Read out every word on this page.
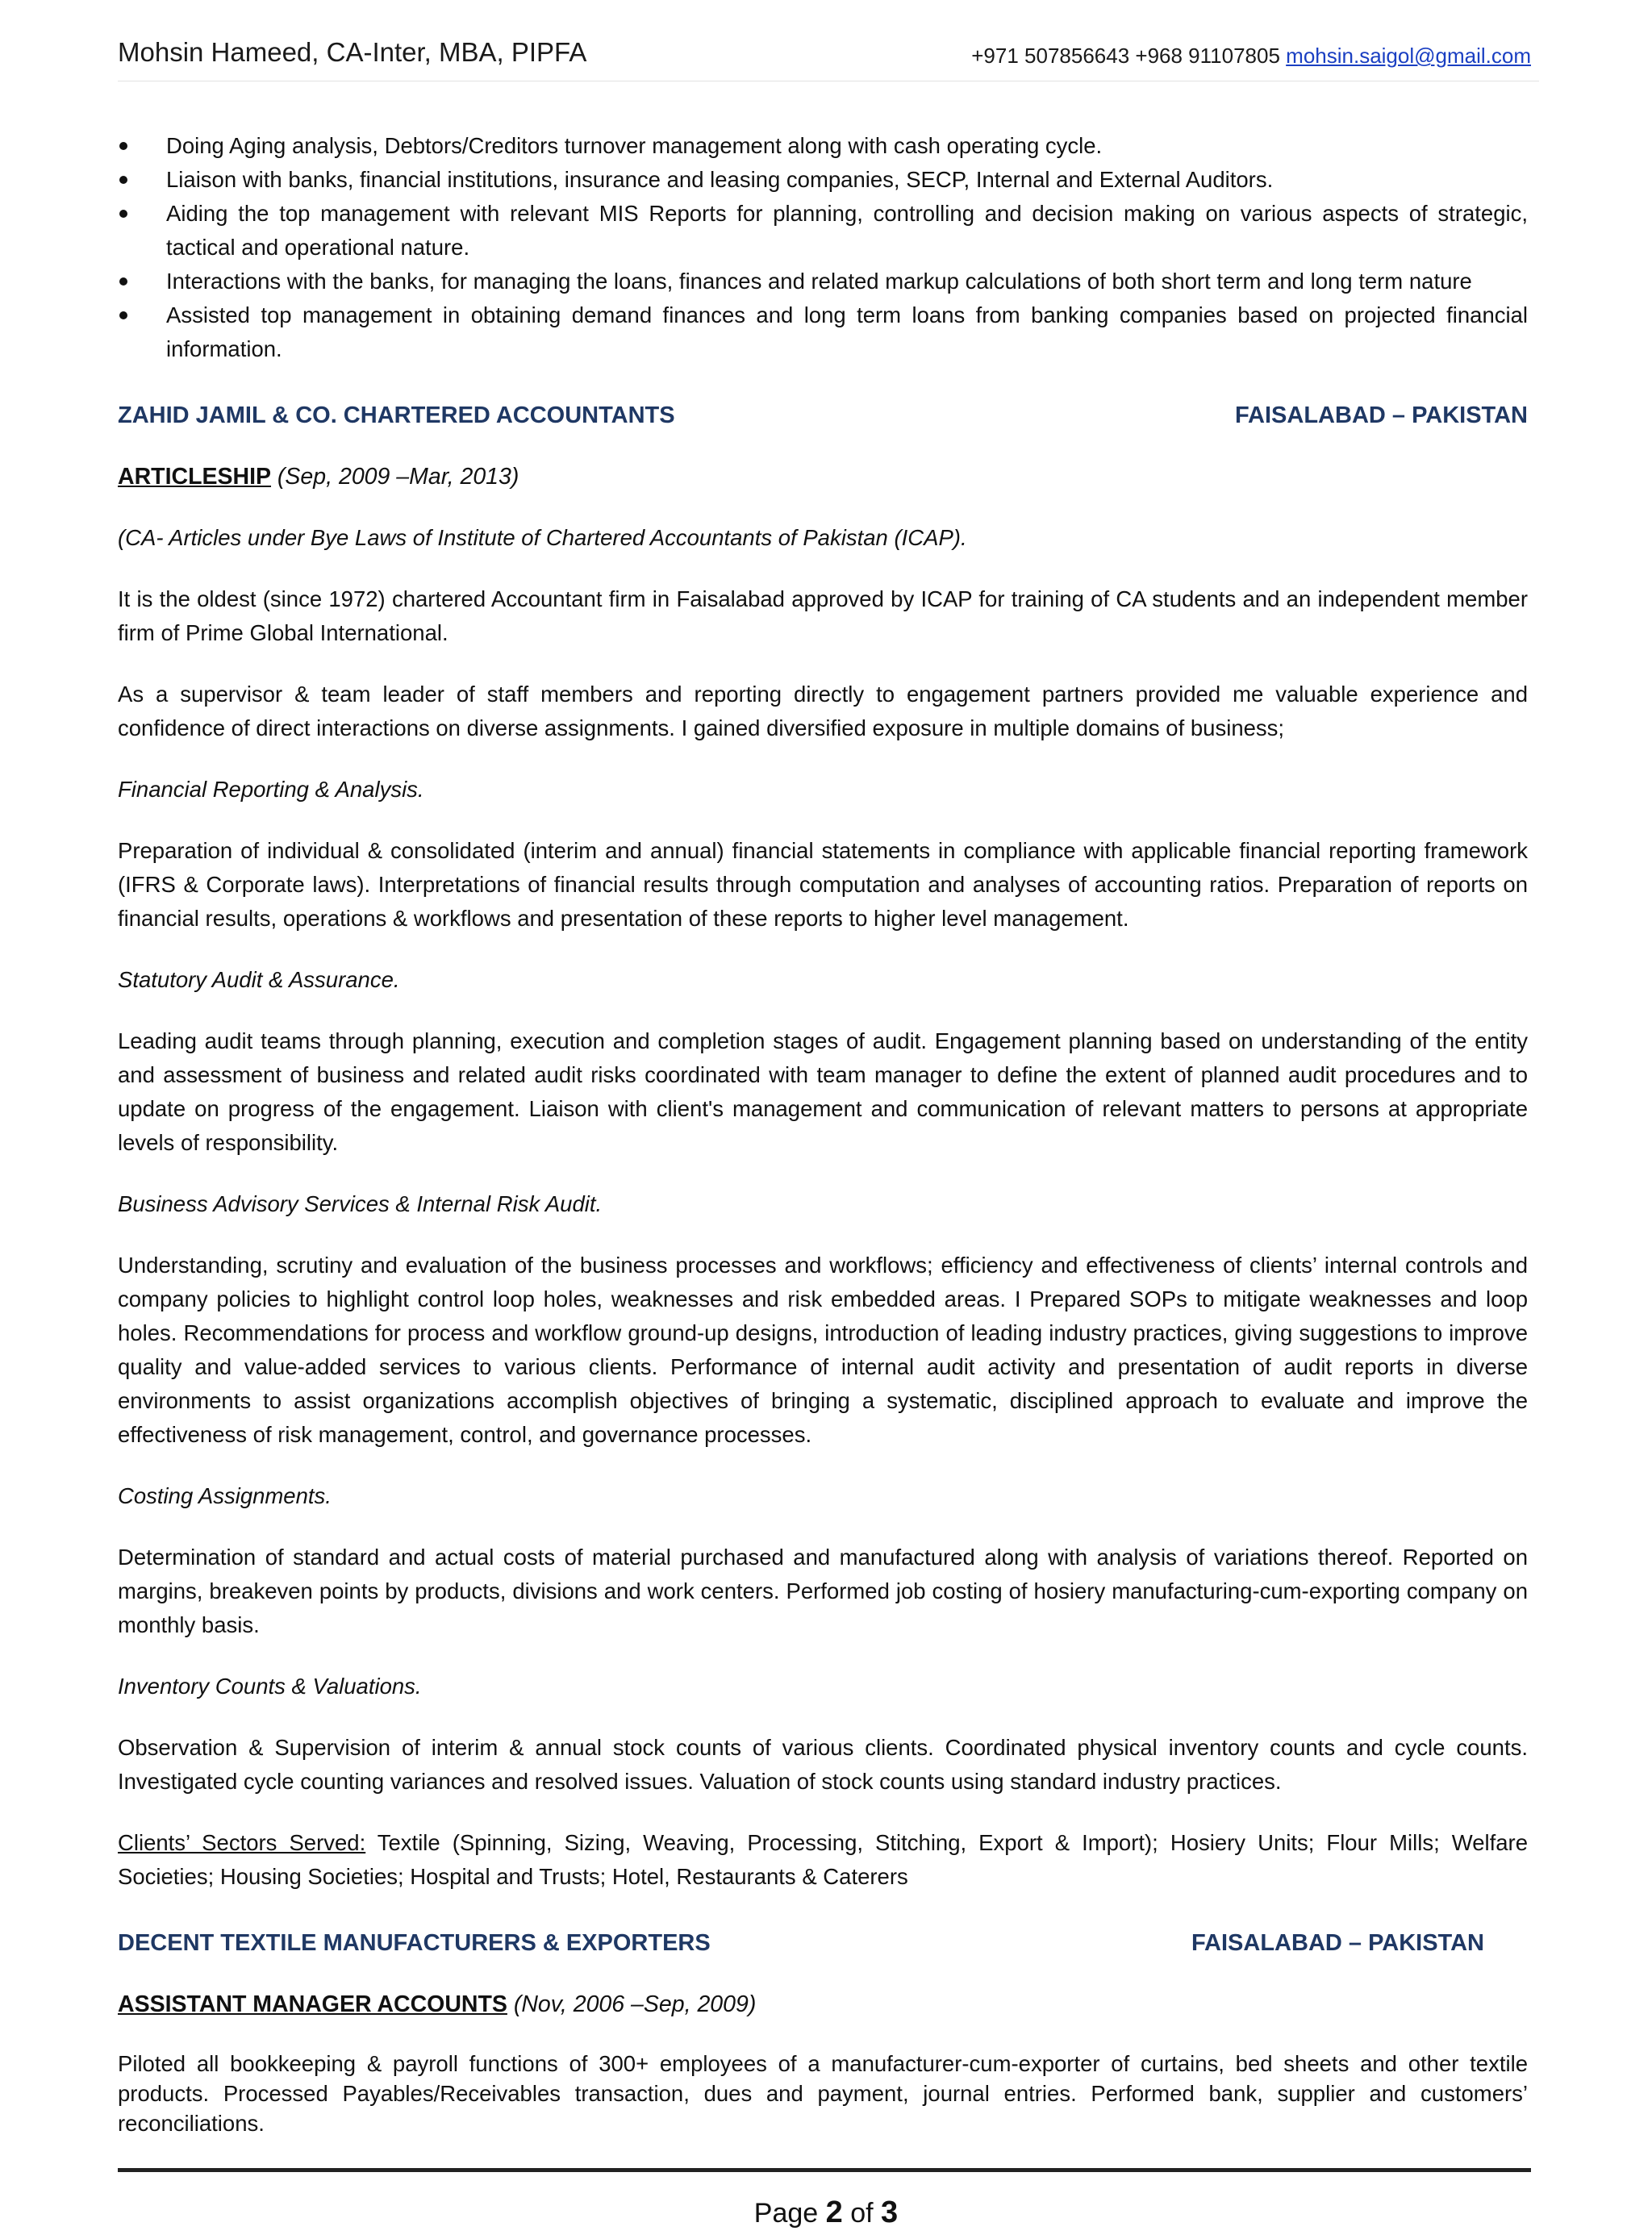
Mohsin Hameed, CA-Inter, MBA, PIPFA	+971 507856643 +968 91107805 mohsin.saigol@gmail.com
Doing Aging analysis, Debtors/Creditors turnover management along with cash operating cycle.
Liaison with banks, financial institutions, insurance and leasing companies, SECP, Internal and External Auditors.
Aiding the top management with relevant MIS Reports for planning, controlling and decision making on various aspects of strategic, tactical and operational nature.
Interactions with the banks, for managing the loans, finances and related markup calculations of both short term and long term nature
Assisted top management in obtaining demand finances and long term loans from banking companies based on projected financial information.
ZAHID JAMIL & CO. CHARTERED ACCOUNTANTS	FAISALABAD – PAKISTAN
ARTICLESHIP (Sep, 2009 –Mar, 2013)

(CA- Articles under Bye Laws of Institute of Chartered Accountants of Pakistan (ICAP).

It is the oldest (since 1972) chartered Accountant firm in Faisalabad approved by ICAP for training of CA students and an independent member firm of Prime Global International.

As a supervisor & team leader of staff members and reporting directly to engagement partners provided me valuable experience and confidence of direct interactions on diverse assignments. I gained diversified exposure in multiple domains of business;

Financial Reporting & Analysis.

Preparation of individual & consolidated (interim and annual) financial statements in compliance with applicable financial reporting framework (IFRS & Corporate laws). Interpretations of financial results through computation and analyses of accounting ratios. Preparation of reports on financial results, operations & workflows and presentation of these reports to higher level management.

Statutory Audit & Assurance.

Leading audit teams through planning, execution and completion stages of audit. Engagement planning based on understanding of the entity and assessment of business and related audit risks coordinated with team manager to define the extent of planned audit procedures and to update on progress of the engagement. Liaison with client's management and communication of relevant matters to persons at appropriate levels of responsibility.

Business Advisory Services & Internal Risk Audit.

Understanding, scrutiny and evaluation of the business processes and workflows; efficiency and effectiveness of clients’ internal controls and company policies to highlight control loop holes, weaknesses and risk embedded areas. I Prepared SOPs to mitigate weaknesses and loop holes. Recommendations for process and workflow ground-up designs, introduction of leading industry practices, giving suggestions to improve quality and value-added services to various clients. Performance of internal audit activity and presentation of audit reports in diverse environments to assist organizations accomplish objectives of bringing a systematic, disciplined approach to evaluate and improve the effectiveness of risk management, control, and governance processes.

Costing Assignments.

Determination of standard and actual costs of material purchased and manufactured along with analysis of variations thereof. Reported on margins, breakeven points by products, divisions and work centers. Performed job costing of hosiery manufacturing-cum-exporting company on monthly basis.

Inventory Counts & Valuations.

Observation & Supervision of interim & annual stock counts of various clients. Coordinated physical inventory counts and cycle counts. Investigated cycle counting variances and resolved issues. Valuation of stock counts using standard industry practices.

Clients’ Sectors Served: Textile (Spinning, Sizing, Weaving, Processing, Stitching, Export & Import); Hosiery Units; Flour Mills; Welfare Societies; Housing Societies; Hospital and Trusts; Hotel, Restaurants & Caterers

DECENT TEXTILE MANUFACTURERS & EXPORTERS	FAISALABAD – PAKISTAN
ASSISTANT MANAGER ACCOUNTS (Nov, 2006 –Sep, 2009)

Piloted all bookkeeping & payroll functions of 300+ employees of a manufacturer-cum-exporter of curtains, bed sheets and other textile products. Processed Payables/Receivables transaction, dues and payment, journal entries. Performed bank, supplier and customers’ reconciliations.

Page 2 of 3
